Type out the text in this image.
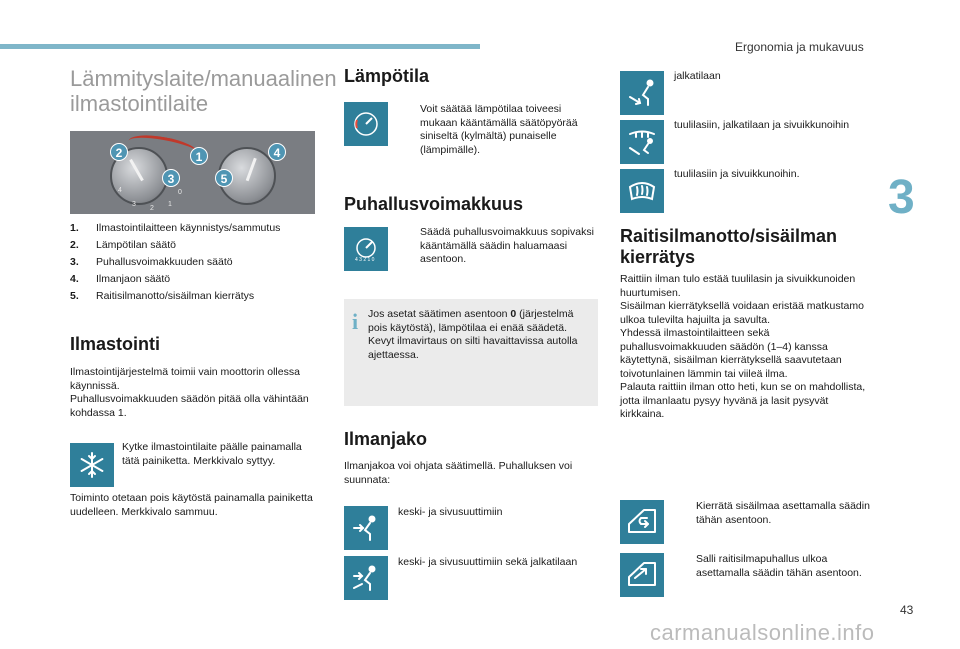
Ergonomia ja mukavuus
3
43
carmanualsonline.info
Lämmityslaite/manuaalinen ilmastointilaite
1
2
3
4
5
4
3
2
1
0
1.	Ilmastointilaitteen käynnistys/sammutus
2.	Lämpötilan säätö
3.	Puhallusvoimakkuuden säätö
4.	Ilmanjaon säätö
5.	Raitisilmanotto/sisäilman kierrätys
Ilmastointi
Ilmastointijärjestelmä toimii vain moottorin ollessa käynnissä.
Puhallusvoimakkuuden säädön pitää olla vähintään kohdassa 1.
Kytke ilmastointilaite päälle painamalla tätä painiketta. Merkkivalo syttyy.
Toiminto otetaan pois käytöstä painamalla painiketta uudelleen. Merkkivalo sammuu.
Lämpötila
Voit säätää lämpötilaa toiveesi mukaan kääntämällä säätöpyörää siniseltä (kylmältä) punaiselle (lämpimälle).
Puhallusvoimakkuus
4 3 2 1 0
Säädä puhallusvoimakkuus sopivaksi kääntämällä säädin haluamaasi asentoon.
i Jos asetat säätimen asentoon 0 (järjestelmä pois käytöstä), lämpötilaa ei enää säädetä. Kevyt ilmavirtaus on silti havaittavissa autolla ajettaessa.
Ilmanjako
Ilmanjakoa voi ohjata säätimellä. Puhalluksen voi suunnata:
keski- ja sivusuuttimiin
keski- ja sivusuuttimiin sekä jalkatilaan
jalkatilaan
tuulilasiin, jalkatilaan ja sivuikkunoihin
tuulilasiin ja sivuikkunoihin.
Raitisilmanotto/sisäilman kierrätys
Raittiin ilman tulo estää tuulilasin ja sivuikkunoiden huurtumisen.
Sisäilman kierrätyksellä voidaan eristää matkustamo ulkoa tulevilta hajuilta ja savulta.
Yhdessä ilmastointilaitteen sekä puhallusvoimakkuuden säädön (1–4) kanssa käytettynä, sisäilman kierrätyksellä saavutetaan toivotunlainen lämmin tai viileä ilma.
Palauta raittiin ilman otto heti, kun se on mahdollista, jotta ilmanlaatu pysyy hyvänä ja lasit pysyvät kirkkaina.
Kierrätä sisäilmaa asettamalla säädin tähän asentoon.
Salli raitisilmapuhallus ulkoa asettamalla säädin tähän asentoon.
